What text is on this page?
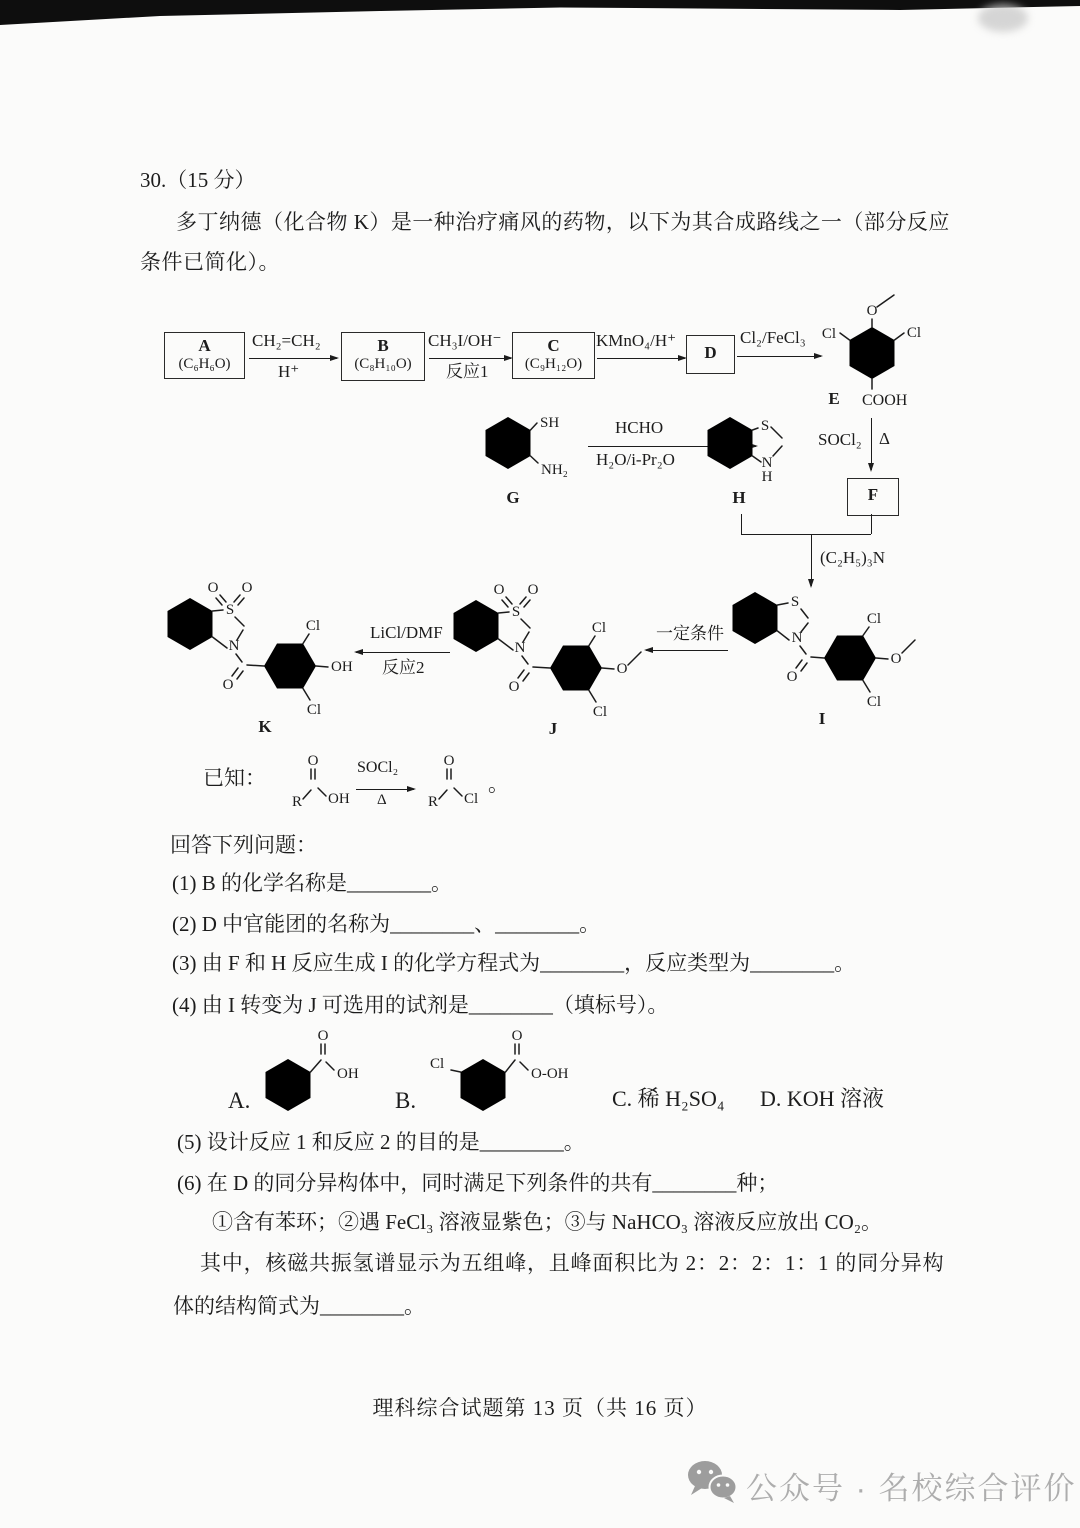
30.（15 分）
多丁纳德（化合物 K）是一种治疗痛风的药物，以下为其合成路线之一（部分反应
条件已简化）。
A
(C₆H₆O)
CH₂=CH₂
H⁺
B
(C₈H₁₀O)
CH₃I/OH⁻
反应1
C
(C₉H₁₂O)
KMnO₄/H⁺
D
Cl₂/FeCl₃
O
Cl	Cl
COOH
E
SH
NH₂
G
HCHO
H₂O/i-Pr₂O
S
N
H
H
SOCl₂ Δ
F
(C₂H₅)₃N
S
N
O
Cl
O
Cl
I
一定条件
S
O O
N
O
Cl
O
Cl
J
LiCl/DMF
反应2
S
O O
N
O
Cl
OH
Cl
K
已知：
R
O
OH
SOCl₂
Δ	R
O
Cl
。
回答下列问题：
(1) B 的化学名称是________。
(2) D 中官能团的名称为________、________。
(3) 由 F 和 H 反应生成 I 的化学方程式为________，反应类型为________。
(4) 由 I 转变为 J 可选用的试剂是________（填标号）。
A.
O
OH
B.
Cl
O
O-OH
C. 稀 H₂SO₄ D. KOH 溶液
(5) 设计反应 1 和反应 2 的目的是________。
(6) 在 D 的同分异构体中，同时满足下列条件的共有________种；
①含有苯环；②遇 FeCl₃ 溶液显紫色；③与 NaHCO₃ 溶液反应放出 CO₂。
其中，核磁共振氢谱显示为五组峰，且峰面积比为 2：2：2：1：1 的同分异构
体的结构简式为________。
理科综合试题第 13 页（共 16 页）
公众号 · 名校综合评价
